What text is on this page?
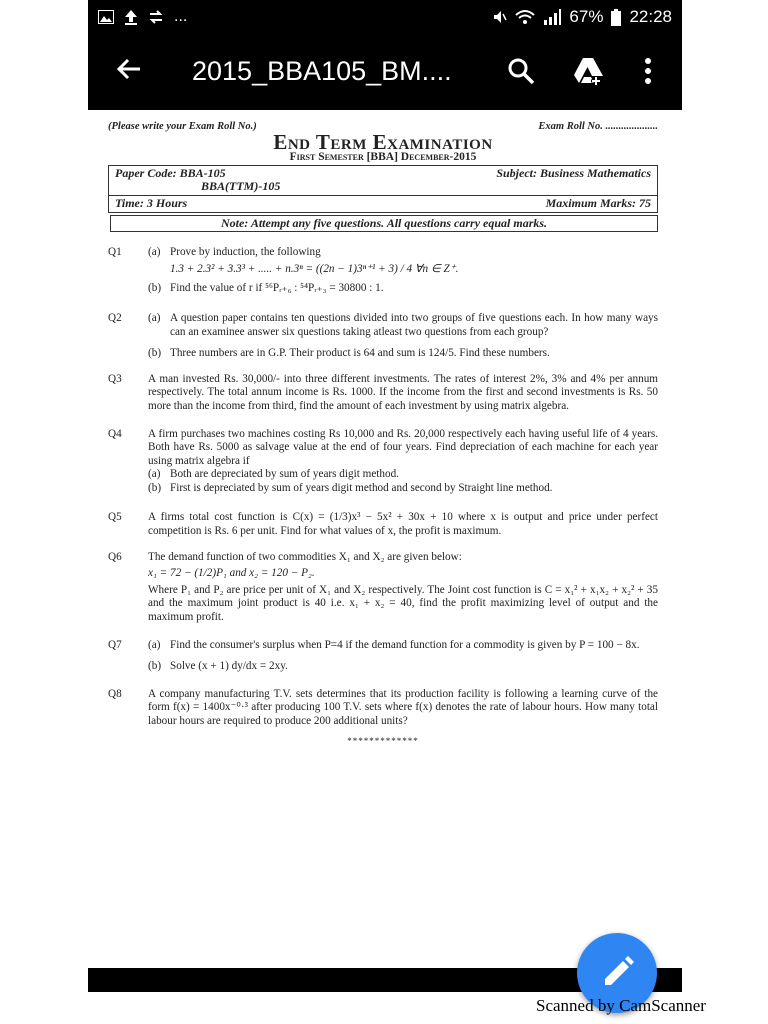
...	67% 22:28
2015_BBA105_BM....
(Please write your Exam Roll No.)	Exam Roll No. ....................
End Term Examination
First Semester [BBA] December-2015
Paper Code: BBA-105	Subject: Business Mathematics
BBA(TTM)-105
Time: 3 Hours	Maximum Marks: 75
Note: Attempt any five questions. All questions carry equal marks.
Q1	(a) Prove by induction, the following
1.3 + 2.3² + 3.3³ + ..... + n.3ⁿ = ((2n − 1)3ⁿ⁺¹ + 3) / 4 ∀n ∈ Z⁺.
(b) Find the value of r if ⁵⁶Pᵣ₊₆ : ⁵⁴Pᵣ₊₃ = 30800 : 1.
Q2	(a) A question paper contains ten questions divided into two groups of five questions each. In how many ways can an examinee answer six questions taking atleast two questions from each group?
(b) Three numbers are in G.P. Their product is 64 and sum is 124/5. Find these numbers.
Q3	A man invested Rs. 30,000/- into three different investments. The rates of interest 2%, 3% and 4% per annum respectively. The total annum income is Rs. 1000. If the income from the first and second investments is Rs. 50 more than the income from third, find the amount of each investment by using matrix algebra.
Q4	A firm purchases two machines costing Rs 10,000 and Rs. 20,000 respectively each having useful life of 4 years. Both have Rs. 5000 as salvage value at the end of four years. Find depreciation of each machine for each year using matrix algebra if
(a) Both are depreciated by sum of years digit method.
(b) First is depreciated by sum of years digit method and second by Straight line method.
Q5	A firms total cost function is C(x) = (1/3)x³ − 5x² + 30x + 10 where x is output and price under perfect competition is Rs. 6 per unit. Find for what values of x, the profit is maximum.
Q6	The demand function of two commodities X₁ and X₂ are given below:
x₁ = 72 − (1/2)P₁ and x₂ = 120 − P₂.
Where P₁ and P₂ are price per unit of X₁ and X₂ respectively. The Joint cost function is C = x₁² + x₁x₂ + x₂² + 35 and the maximum joint product is 40 i.e. x₁ + x₂ = 40, find the profit maximizing level of output and the maximum profit.
Q7	(a) Find the consumer's surplus when P=4 if the demand function for a commodity is given by P = 100 − 8x.
(b) Solve (x + 1) dy/dx = 2xy.
Q8	A company manufacturing T.V. sets determines that its production facility is following a learning curve of the form f(x) = 1400x⁻⁰·³ after producing 100 T.V. sets where f(x) denotes the rate of labour hours. How many total labour hours are required to produce 200 additional units?
*************
Scanned by CamScanner
